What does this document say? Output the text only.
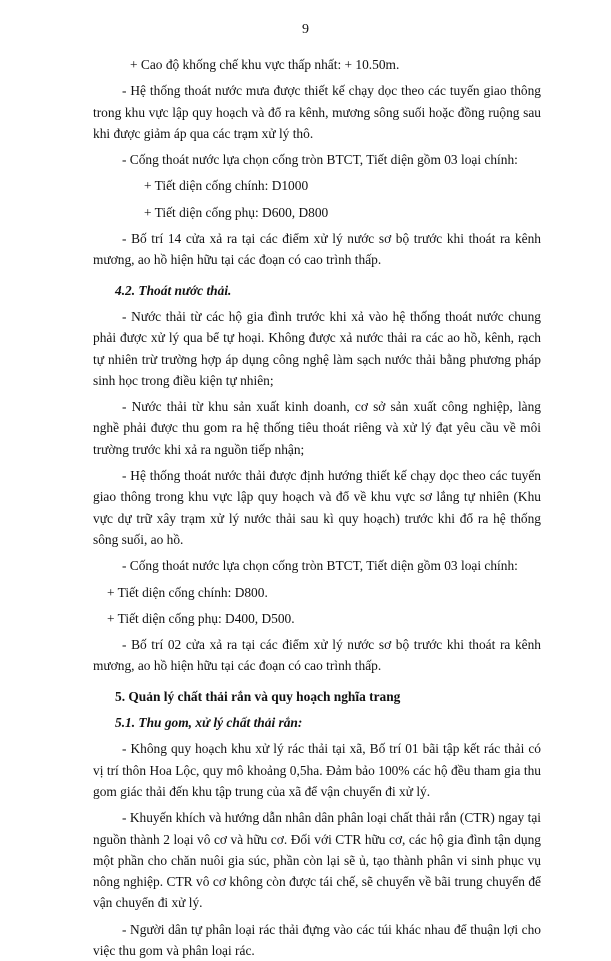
9

+ Cao độ khống chế khu vực thấp nhất: + 10.50m.

- Hệ thống thoát nước mưa được thiết kế chạy dọc theo các tuyến giao thông trong khu vực lập quy hoạch và đổ ra kênh, mương sông suối hoặc đồng ruộng sau khi được giảm áp qua các trạm xử lý thô.

- Cống thoát nước lựa chọn cống tròn BTCT, Tiết diện gồm 03 loại chính:

+ Tiết diện cống chính: D1000

+ Tiết diện cống phụ: D600, D800

- Bố trí 14 cửa xả ra tại các điểm xử lý nước sơ bộ trước khi thoát ra kênh mương, ao hồ hiện hữu tại các đoạn có cao trình thấp.

4.2. Thoát nước thải.

- Nước thải từ các hộ gia đình trước khi xả vào hệ thống thoát nước chung phải được xử lý qua bể tự hoại. Không được xả nước thải ra các ao hồ, kênh, rạch tự nhiên trừ trường hợp áp dụng công nghệ làm sạch nước thải bằng phương pháp sinh học trong điều kiện tự nhiên;

- Nước thải từ khu sản xuất kinh doanh, cơ sở sản xuất công nghiệp, làng nghề phải được thu gom ra hệ thống tiêu thoát riêng và xử lý đạt yêu cầu về môi trường trước khi xả ra nguồn tiếp nhận;

- Hệ thống thoát nước thải được định hướng thiết kế chạy dọc theo các tuyến giao thông trong khu vực lập quy hoạch và đổ về khu vực sơ lắng tự nhiên (Khu vực dự trữ xây trạm xử lý nước thải sau kì quy hoạch) trước khi đổ ra hệ thống sông suối, ao hồ.

- Cống thoát nước lựa chọn cống tròn BTCT, Tiết diện gồm 03 loại chính:

+ Tiết diện cống chính: D800.

+ Tiết diện cống phụ: D400, D500.

- Bố trí 02 cửa xả ra tại các điểm xử lý nước sơ bộ trước khi thoát ra kênh mương, ao hồ hiện hữu tại các đoạn có cao trình thấp.

5. Quản lý chất thải rắn và quy hoạch nghĩa trang
5.1. Thu gom, xử lý chất thải rắn:

- Không quy hoạch khu xử lý rác thải tại xã, Bố trí 01 bãi tập kết rác thải có vị trí thôn Hoa Lộc, quy mô khoảng 0,5ha. Đảm bảo 100% các hộ đều tham gia thu gom giác thải đến khu tập trung của xã để vận chuyển đi xử lý.

- Khuyến khích và hướng dẫn nhân dân phân loại chất thải rắn (CTR) ngay tại nguồn thành 2 loại vô cơ và hữu cơ. Đối với CTR hữu cơ, các hộ gia đình tận dụng một phần cho chăn nuôi gia súc, phần còn lại sẽ ủ, tạo thành phân vi sinh phục vụ nông nghiệp. CTR vô cơ không còn được tái chế, sẽ chuyển về bãi trung chuyển để vận chuyển đi xử lý.

- Người dân tự phân loại rác thải đựng vào các túi khác nhau để thuận lợi cho việc thu gom và phân loại rác.
